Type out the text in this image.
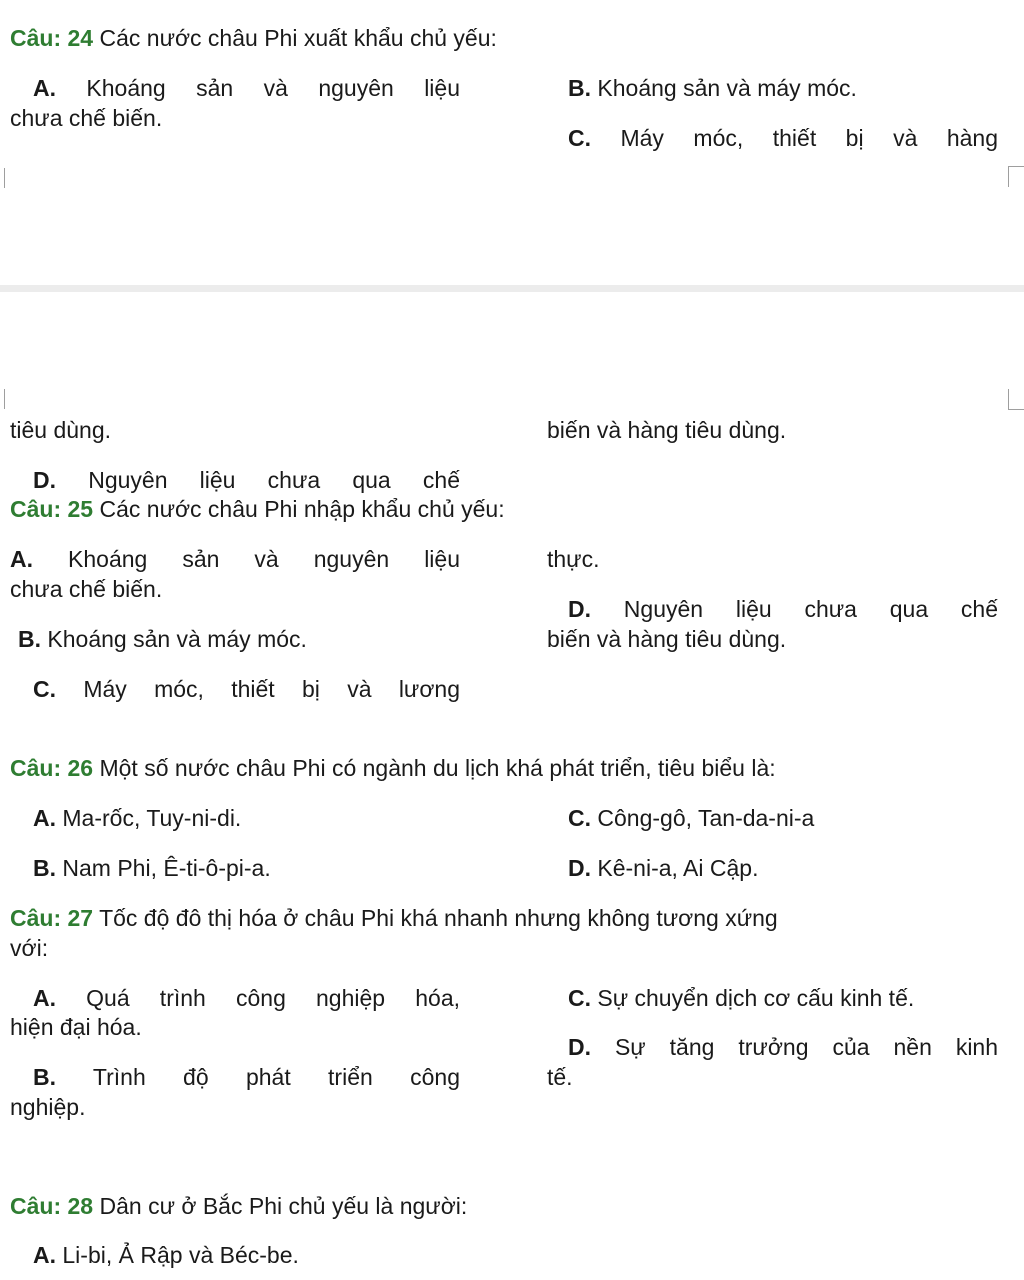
Câu: 24 Các nước châu Phi xuất khẩu chủ yếu:
A. Khoáng sản và nguyên liệu	B. Khoáng sản và máy móc.
chưa chế biến.
C. Máy móc, thiết bị và hàng
tiêu dùng.	biến và hàng tiêu dùng.
D. Nguyên liệu chưa qua chế
Câu: 25 Các nước châu Phi nhập khẩu chủ yếu:
A. Khoáng sản và nguyên liệu	thực.
chưa chế biến.
D. Nguyên liệu chưa qua chế
B. Khoáng sản và máy móc.	biến và hàng tiêu dùng.
C. Máy móc, thiết bị và lương
Câu: 26 Một số nước châu Phi có ngành du lịch khá phát triển, tiêu biểu là:
A. Ma-rốc, Tuy-ni-di.	C. Công-gô, Tan-da-ni-a
B. Nam Phi, Ê-ti-ô-pi-a.	D. Kê-ni-a, Ai Cập.
Câu: 27 Tốc độ đô thị hóa ở châu Phi khá nhanh nhưng không tương xứng
với:
A. Quá trình công nghiệp hóa,	C. Sự chuyển dịch cơ cấu kinh tế.
hiện đại hóa.
D. Sự tăng trưởng của nền kinh
B. Trình độ phát triển công	tế.
nghiệp.
Câu: 28 Dân cư ở Bắc Phi chủ yếu là người:
A. Li-bi, Ả Rập và Béc-be.
